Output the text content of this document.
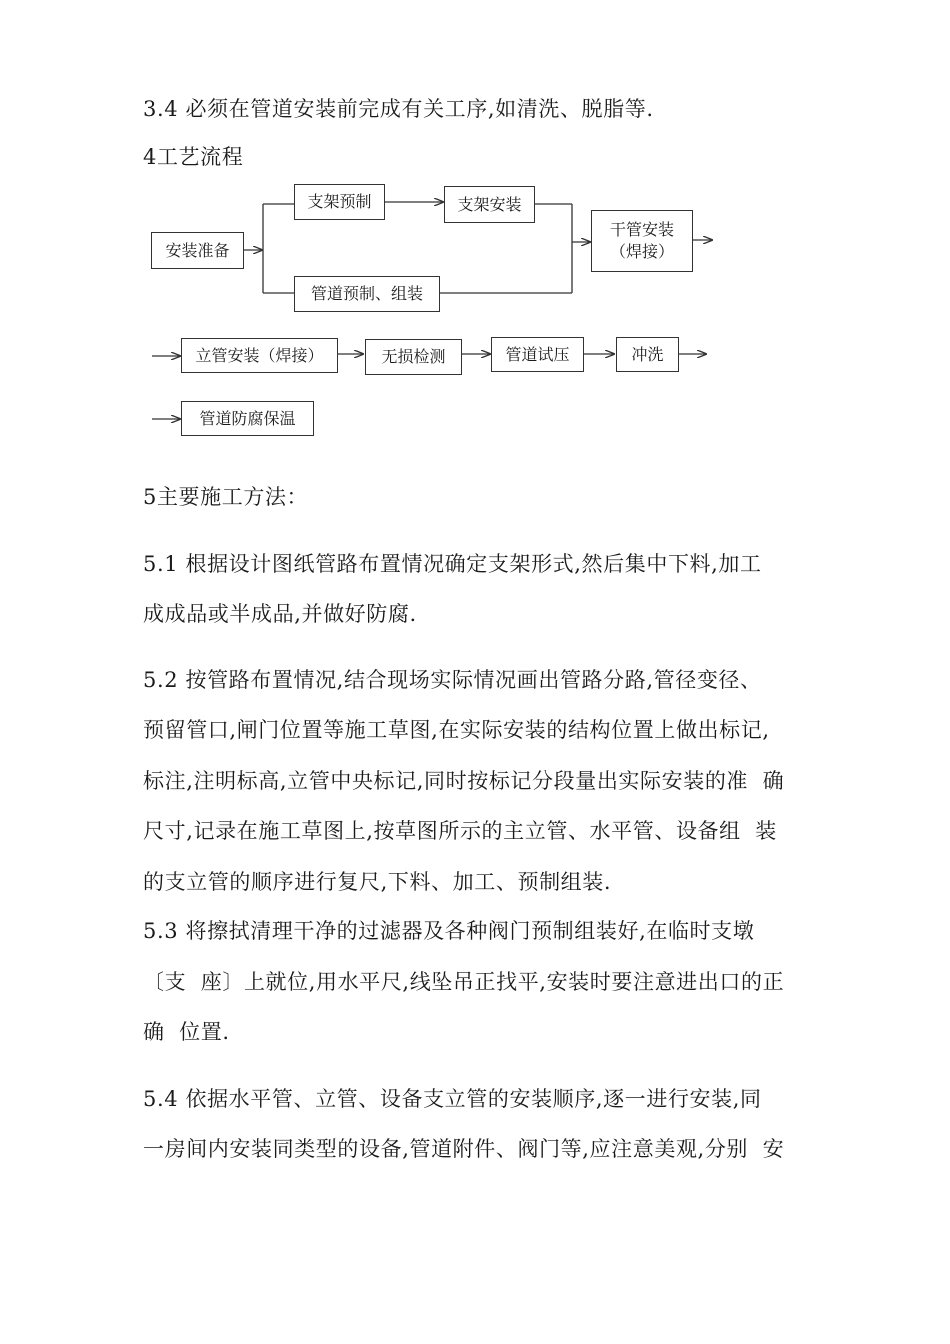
3.4 必须在管道安装前完成有关工序,如清洗、脱脂等.
4工艺流程
安装准备
支架预制	支架安装
管道预制、组装
干管安装
（焊接）
立管安装（焊接）	无损检测	管道试压	冲洗
管道防腐保温
5主要施工方法：
5.1 根据设计图纸管路布置情况确定支架形式,然后集中下料,加工
成成品或半成品,并做好防腐.
5.2 按管路布置情况,结合现场实际情况画出管路分路,管径变径、
预留管口,闸门位置等施工草图,在实际安装的结构位置上做出标记,
标注,注明标高,立管中央标记,同时按标记分段量出实际安装的准  确
尺寸,记录在施工草图上,按草图所示的主立管、水平管、设备组  装
的支立管的顺序进行复尺,下料、加工、预制组装.
5.3 将擦拭清理干净的过滤器及各种阀门预制组装好,在临时支墩
〔支  座〕上就位,用水平尺,线坠吊正找平,安装时要注意进出口的正
确  位置.
5.4 依据水平管、立管、设备支立管的安装顺序,逐一进行安装,同
一房间内安装同类型的设备,管道附件、阀门等,应注意美观,分别  安
